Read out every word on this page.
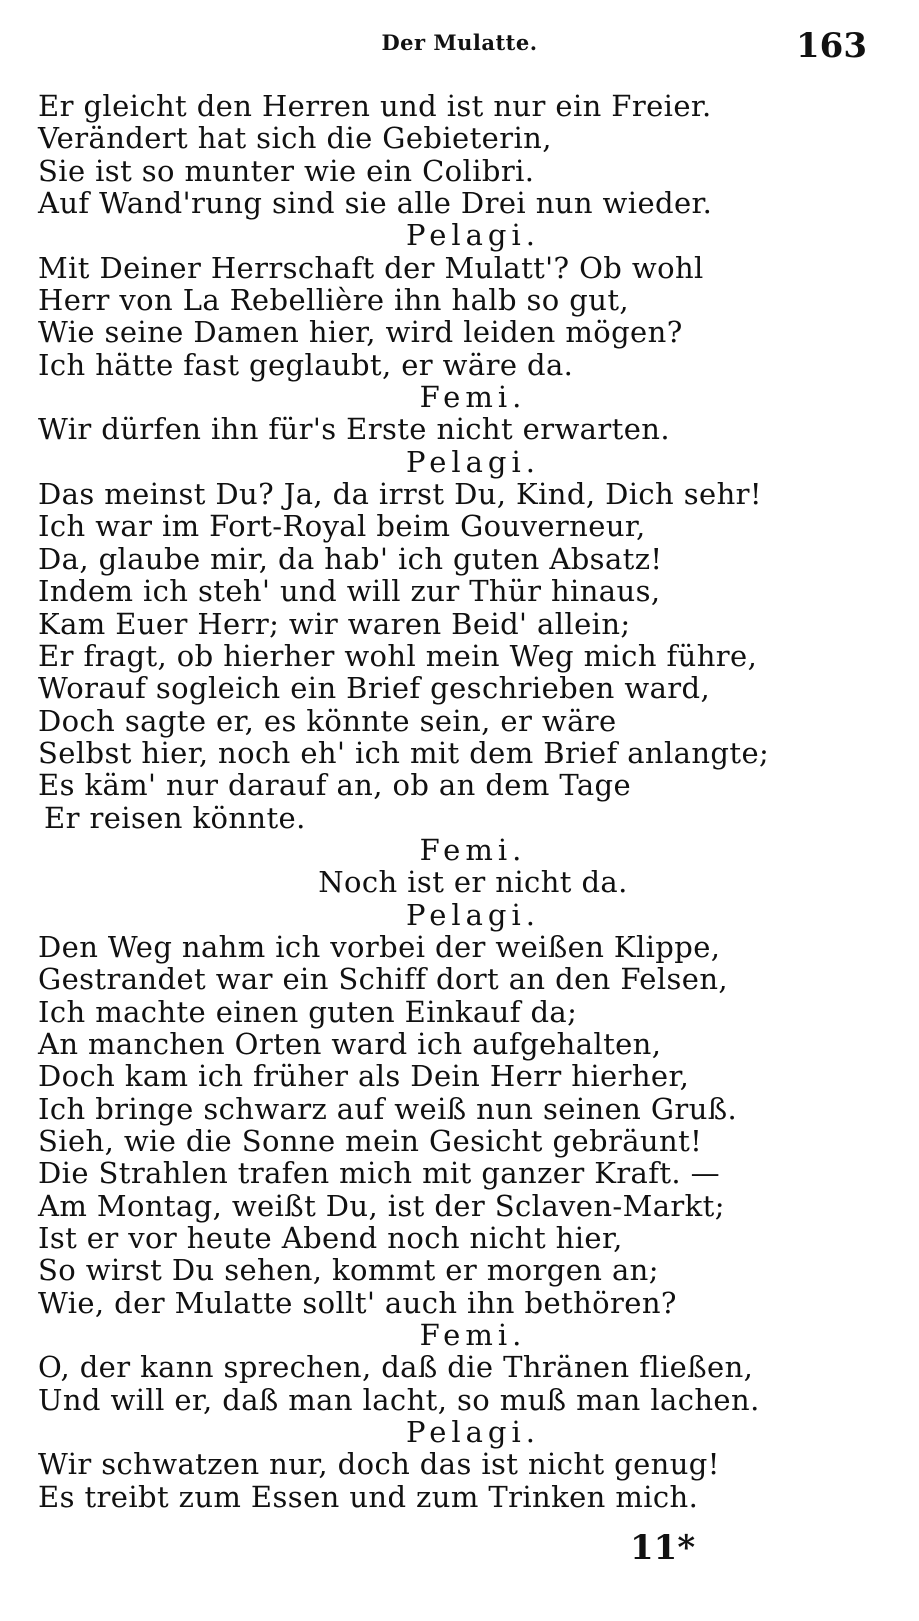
Der Mulatte.	163
Er gleicht den Herren und ist nur ein Freier.
Verändert hat sich die Gebieterin,
Sie ist so munter wie ein Colibri.
Auf Wand'rung sind sie alle Drei nun wieder.
Pelagi.
Mit Deiner Herrschaft der Mulatt'? Ob wohl
Herr von La Rebellière ihn halb so gut,
Wie seine Damen hier, wird leiden mögen?
Ich hätte fast geglaubt, er wäre da.
Femi.
Wir dürfen ihn für's Erste nicht erwarten.
Pelagi.
Das meinst Du? Ja, da irrst Du, Kind, Dich sehr!
Ich war im Fort-Royal beim Gouverneur,
Da, glaube mir, da hab' ich guten Absatz!
Indem ich steh' und will zur Thür hinaus,
Kam Euer Herr; wir waren Beid' allein;
Er fragt, ob hierher wohl mein Weg mich führe,
Worauf sogleich ein Brief geschrieben ward,
Doch sagte er, es könnte sein, er wäre
Selbst hier, noch eh' ich mit dem Brief anlangte;
Es käm' nur darauf an, ob an dem Tage
Er reisen könnte.
Femi.
Noch ist er nicht da.
Pelagi.
Den Weg nahm ich vorbei der weißen Klippe,
Gestrandet war ein Schiff dort an den Felsen,
Ich machte einen guten Einkauf da;
An manchen Orten ward ich aufgehalten,
Doch kam ich früher als Dein Herr hierher,
Ich bringe schwarz auf weiß nun seinen Gruß.
Sieh, wie die Sonne mein Gesicht gebräunt!
Die Strahlen trafen mich mit ganzer Kraft. —
Am Montag, weißt Du, ist der Sclaven-Markt;
Ist er vor heute Abend noch nicht hier,
So wirst Du sehen, kommt er morgen an;
Wie, der Mulatte sollt' auch ihn bethören?
Femi.
O, der kann sprechen, daß die Thränen fließen,
Und will er, daß man lacht, so muß man lachen.
Pelagi.
Wir schwatzen nur, doch das ist nicht genug!
Es treibt zum Essen und zum Trinken mich.
11*
